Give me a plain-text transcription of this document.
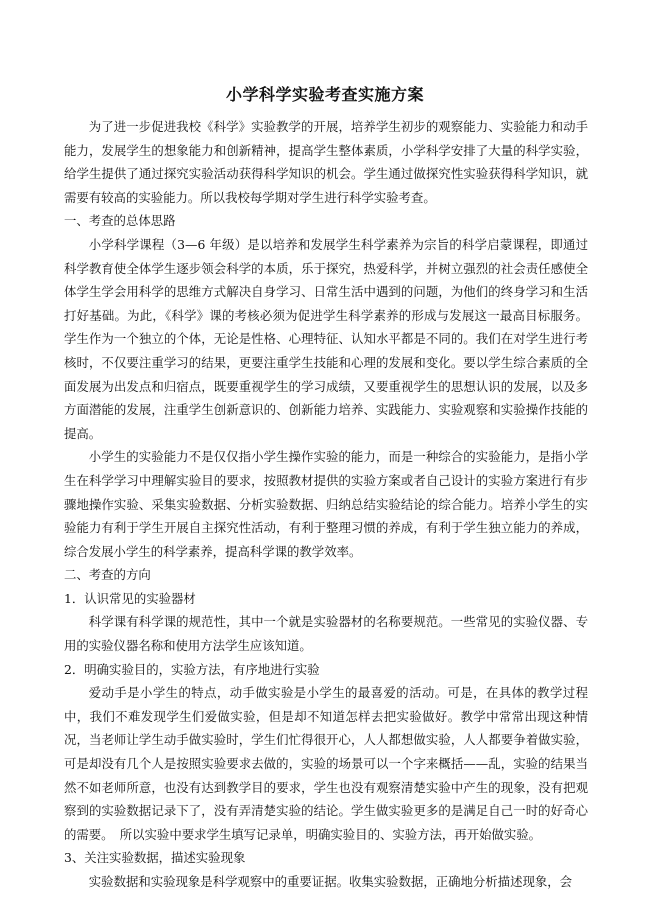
小学科学实验考查实施方案

为了进一步促进我校《科学》实验教学的开展，培养学生初步的观察能力、实验能力和动手能力，发展学生的想象能力和创新精神，提高学生整体素质，小学科学安排了大量的科学实验，给学生提供了通过探究实验活动获得科学知识的机会。学生通过做探究性实验获得科学知识，就需要有较高的实验能力。所以我校每学期对学生进行科学实验考查。

一、考查的总体思路

小学科学课程（3—6 年级）是以培养和发展学生科学素养为宗旨的科学启蒙课程，即通过科学教育使全体学生逐步领会科学的本质，乐于探究，热爱科学，并树立强烈的社会责任感使全体学生学会用科学的思维方式解决自身学习、日常生活中遇到的问题，为他们的终身学习和生活打好基础。为此，《科学》课的考核必须为促进学生科学素养的形成与发展这一最高目标服务。学生作为一个独立的个体，无论是性格、心理特征、认知水平都是不同的。我们在对学生进行考核时，不仅要注重学习的结果，更要注重学生技能和心理的发展和变化。要以学生综合素质的全面发展为出发点和归宿点，既要重视学生的学习成绩，又要重视学生的思想认识的发展，以及多方面潜能的发展，注重学生创新意识的、创新能力培养、实践能力、实验观察和实验操作技能的提高。

小学生的实验能力不是仅仅指小学生操作实验的能力，而是一种综合的实验能力，是指小学生在科学学习中理解实验目的要求，按照教材提供的实验方案或者自己设计的实验方案进行有步骤地操作实验、采集实验数据、分析实验数据、归纳总结实验结论的综合能力。培养小学生的实验能力有利于学生开展自主探究性活动，有利于整理习惯的养成，有利于学生独立能力的养成，综合发展小学生的科学素养，提高科学课的教学效率。

二、考查的方向

1．认识常见的实验器材

科学课有科学课的规范性，其中一个就是实验器材的名称要规范。一些常见的实验仪器、专用的实验仪器名称和使用方法学生应该知道。

2．明确实验目的，实验方法，有序地进行实验

爱动手是小学生的特点，动手做实验是小学生的最喜爱的活动。可是，在具体的教学过程中，我们不难发现学生们爱做实验，但是却不知道怎样去把实验做好。教学中常常出现这种情况，当老师让学生动手做实验时，学生们忙得很开心，人人都想做实验，人人都要争着做实验，可是却没有几个人是按照实验要求去做的，实验的场景可以一个字来概括——乱，实验的结果当然不如老师所意，也没有达到教学目的要求，学生也没有观察清楚实验中产生的现象，没有把观察到的实验数据记录下了，没有弄清楚实验的结论。学生做实验更多的是满足自己一时的好奇心的需要。　所以实验中要求学生填写记录单，明确实验目的、实验方法，再开始做实验。

3、关注实验数据，描述实验现象

实验数据和实验现象是科学观察中的重要证据。收集实验数据，正确地分析描述现象，会
